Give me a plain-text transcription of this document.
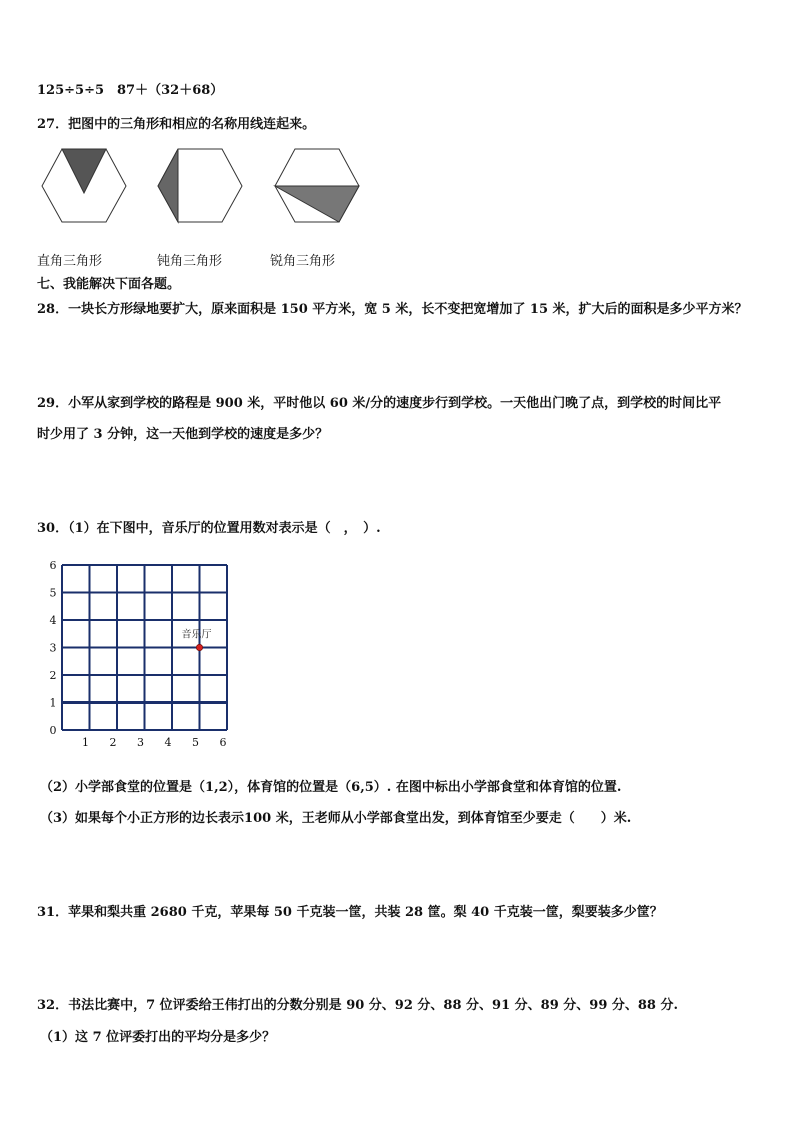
125÷5÷5　87＋（32＋68）
27．把图中的三角形和相应的名称用线连起来。
直角三角形	钝角三角形	锐角三角形
七、我能解决下面各题。
28．一块长方形绿地要扩大，原来面积是 150 平方米，宽 5 米，长不变把宽增加了 15 米，扩大后的面积是多少平方米？
29．小军从家到学校的路程是 900 米，平时他以 60 米/分的速度步行到学校。一天他出门晚了点，到学校的时间比平
时少用了 3 分钟，这一天他到学校的速度是多少？
30．（1）在下图中，音乐厅的位置用数对表示是（　，　）.
1 2 3 4 5 6
0
1
2
3
4
5
6
音乐厅
（2）小学部食堂的位置是（1,2），体育馆的位置是（6,5）. 在图中标出小学部食堂和体育馆的位置.
（3）如果每个小正方形的边长表示100 米，王老师从小学部食堂出发，到体育馆至少要走（　　）米.
31．苹果和梨共重 2680 千克，苹果每 50 千克装一筐，共装 28 筐。梨 40 千克装一筐，梨要装多少筐？
32．书法比赛中，7 位评委给王伟打出的分数分别是 90 分、92 分、88 分、91 分、89 分、99 分、88 分.
（1）这 7 位评委打出的平均分是多少？
